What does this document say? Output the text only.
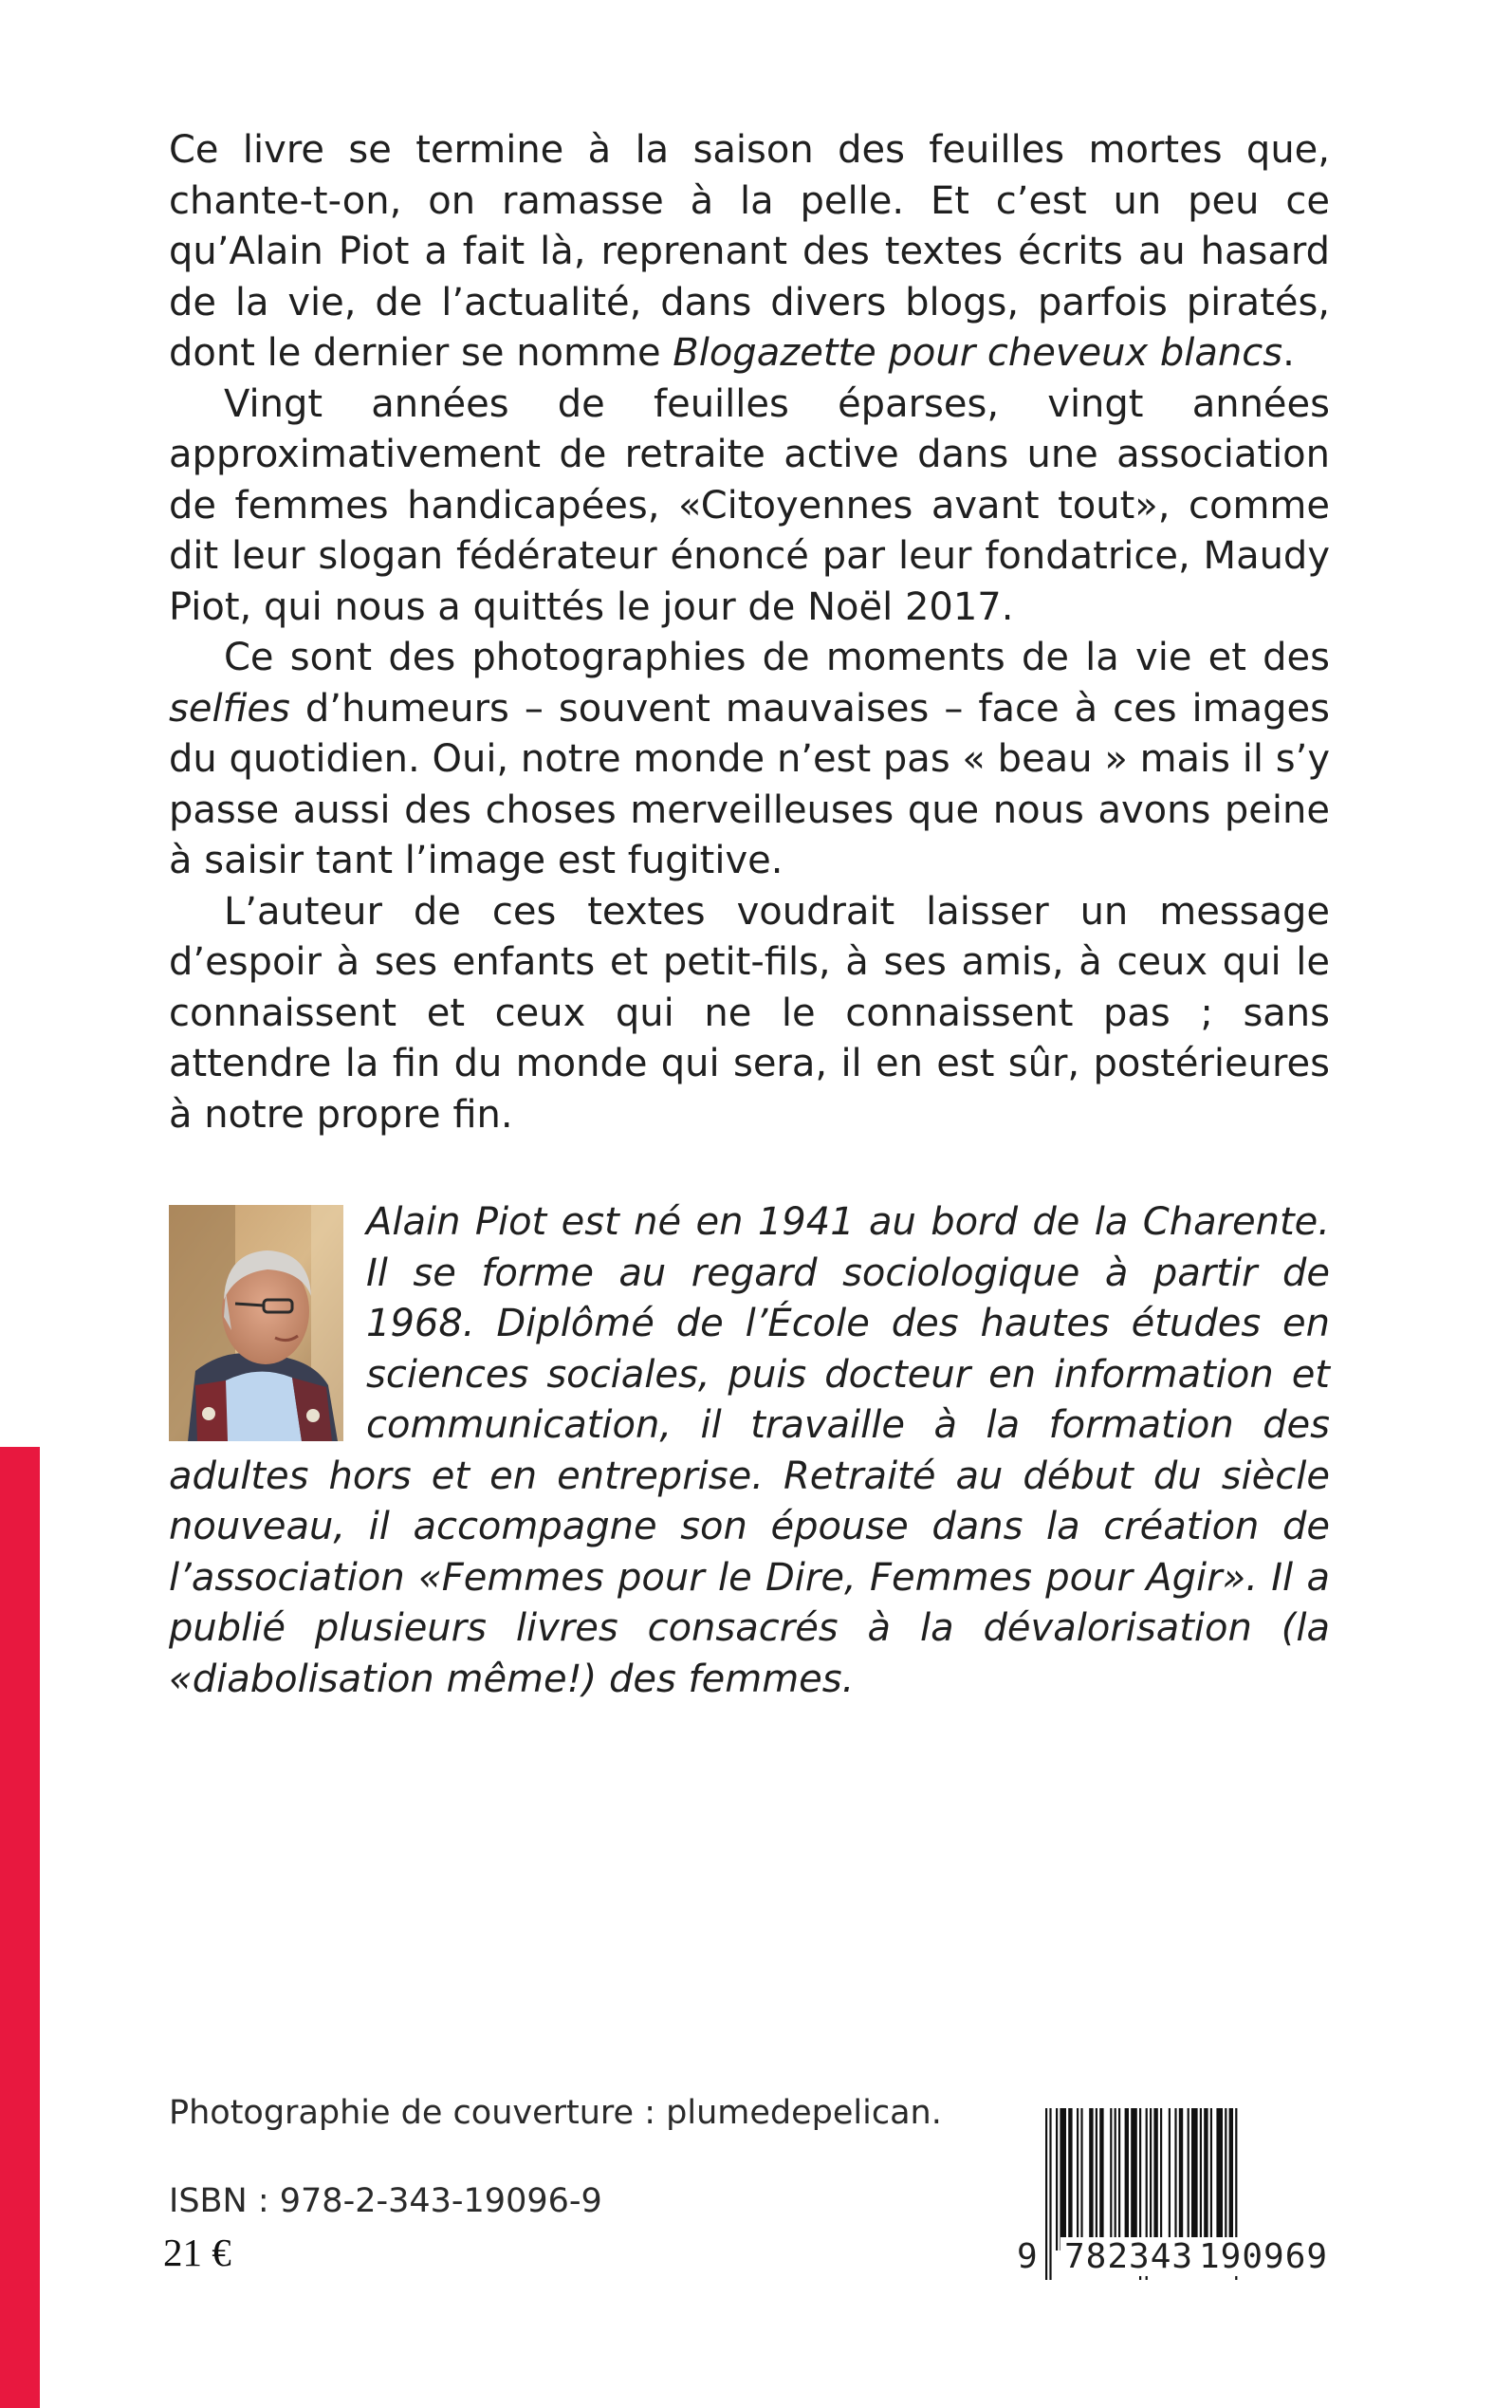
Ce livre se termine à la saison des feuilles mortes que, chante-t-on, on ramasse à la pelle. Et c’est un peu ce qu’Alain Piot a fait là, reprenant des textes écrits au hasard de la vie, de l’actualité, dans divers blogs, parfois piratés, dont le dernier se nomme Blogazette pour cheveux blancs.

Vingt années de feuilles éparses, vingt années approximativement de retraite active dans une association de femmes handicapées, «Citoyennes avant tout», comme dit leur slogan fédérateur énoncé par leur fondatrice, Maudy Piot, qui nous a quittés le jour de Noël 2017.

Ce sont des photographies de moments de la vie et des selfies d’humeurs – souvent mauvaises – face à ces images du quotidien. Oui, notre monde n’est pas « beau » mais il s’y passe aussi des choses merveilleuses que nous avons peine à saisir tant l’image est fugitive.

L’auteur de ces textes voudrait laisser un message d’espoir à ses enfants et petit-fils, à ses amis, à ceux qui le connaissent et ceux qui ne le connaissent pas ; sans attendre la fin du monde qui sera, il en est sûr, postérieures à notre propre fin.

Alain Piot est né en 1941 au bord de la Charente. Il se forme au regard sociologique à partir de 1968. Diplômé de l’École des hautes études en sciences sociales, puis docteur en information et communication, il travaille à la formation des adultes hors et en entreprise. Retraité au début du siècle nouveau, il accompagne son épouse dans la création de l’association «Femmes pour le Dire, Femmes pour Agir». Il a publié plusieurs livres consacrés à la dévalorisation (la «diabolisation même!) des femmes.
Photographie de couverture : plumedepelican.
ISBN : 978-2-343-19096-9
21 €	9 782343 190969
